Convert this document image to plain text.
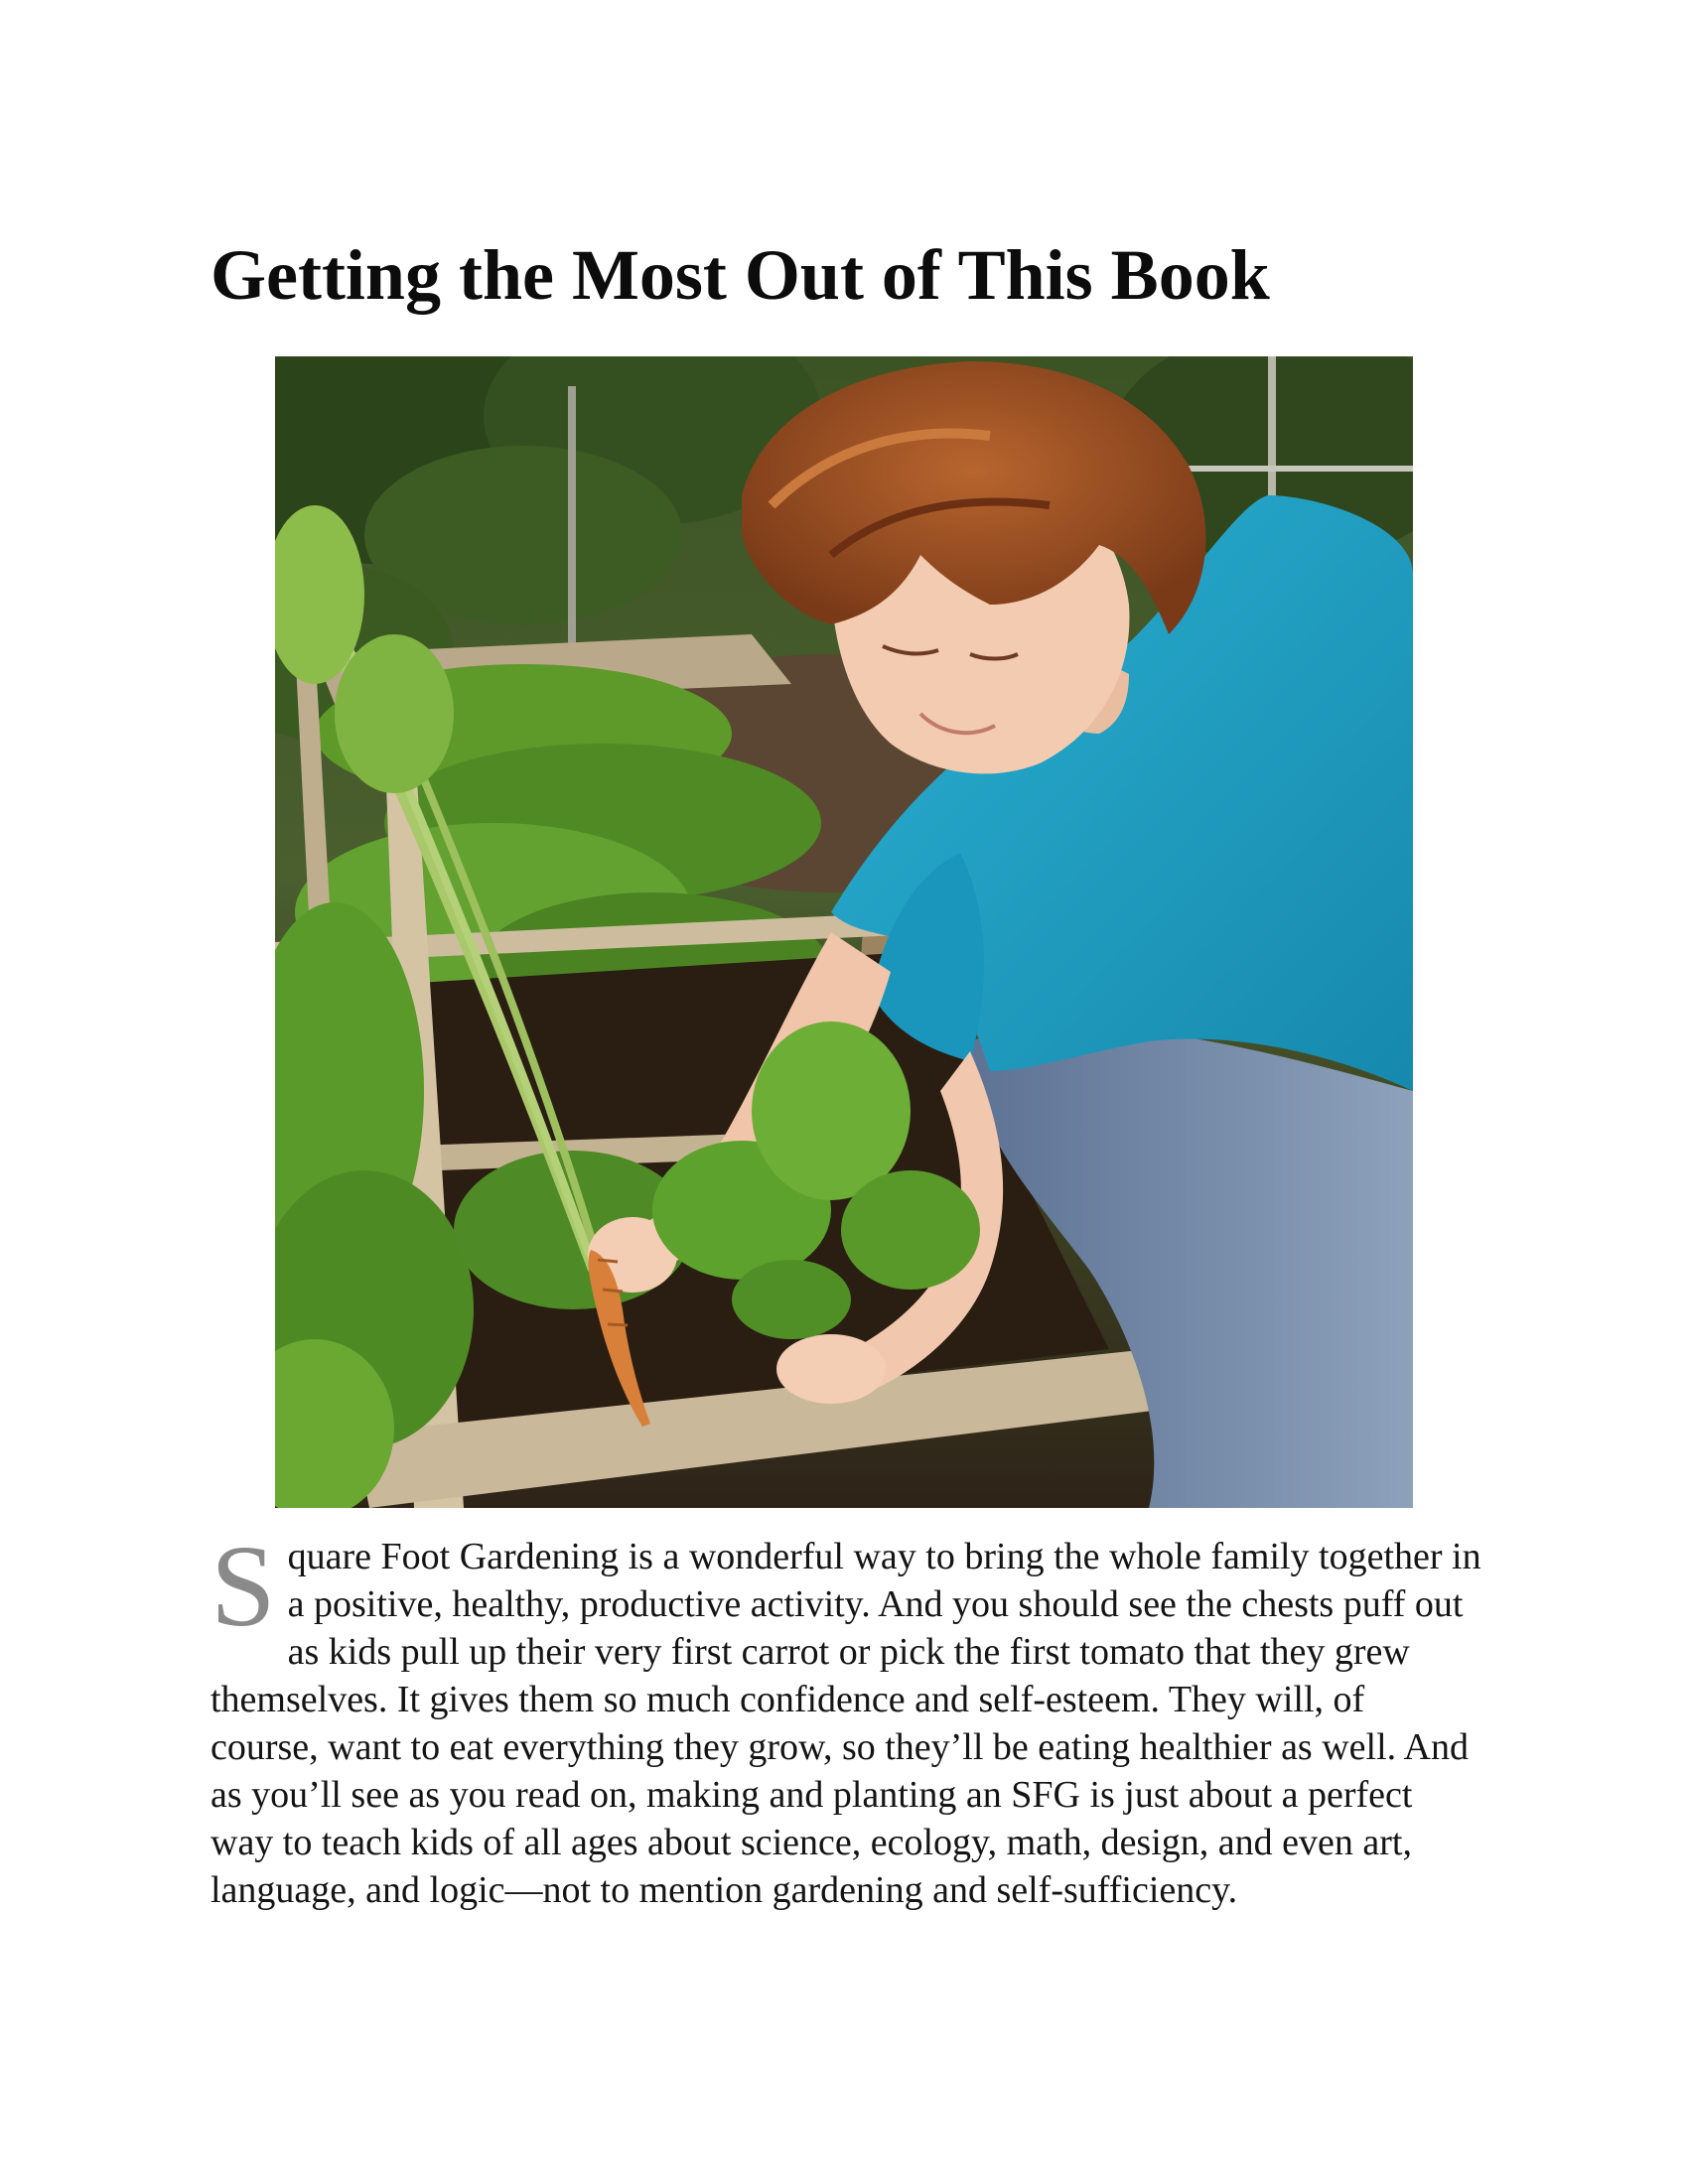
Getting the Most Out of This Book

Square Foot Gardening is a wonderful way to bring the whole family together in a positive, healthy, productive activity. And you should see the chests puff out as kids pull up their very first carrot or pick the first tomato that they grew themselves. It gives them so much confidence and self-esteem. They will, of course, want to eat everything they grow, so they’ll be eating healthier as well. And as you’ll see as you read on, making and planting an SFG is just about a perfect way to teach kids of all ages about science, ecology, math, design, and even art, language, and logic—not to mention gardening and self-sufficiency.
